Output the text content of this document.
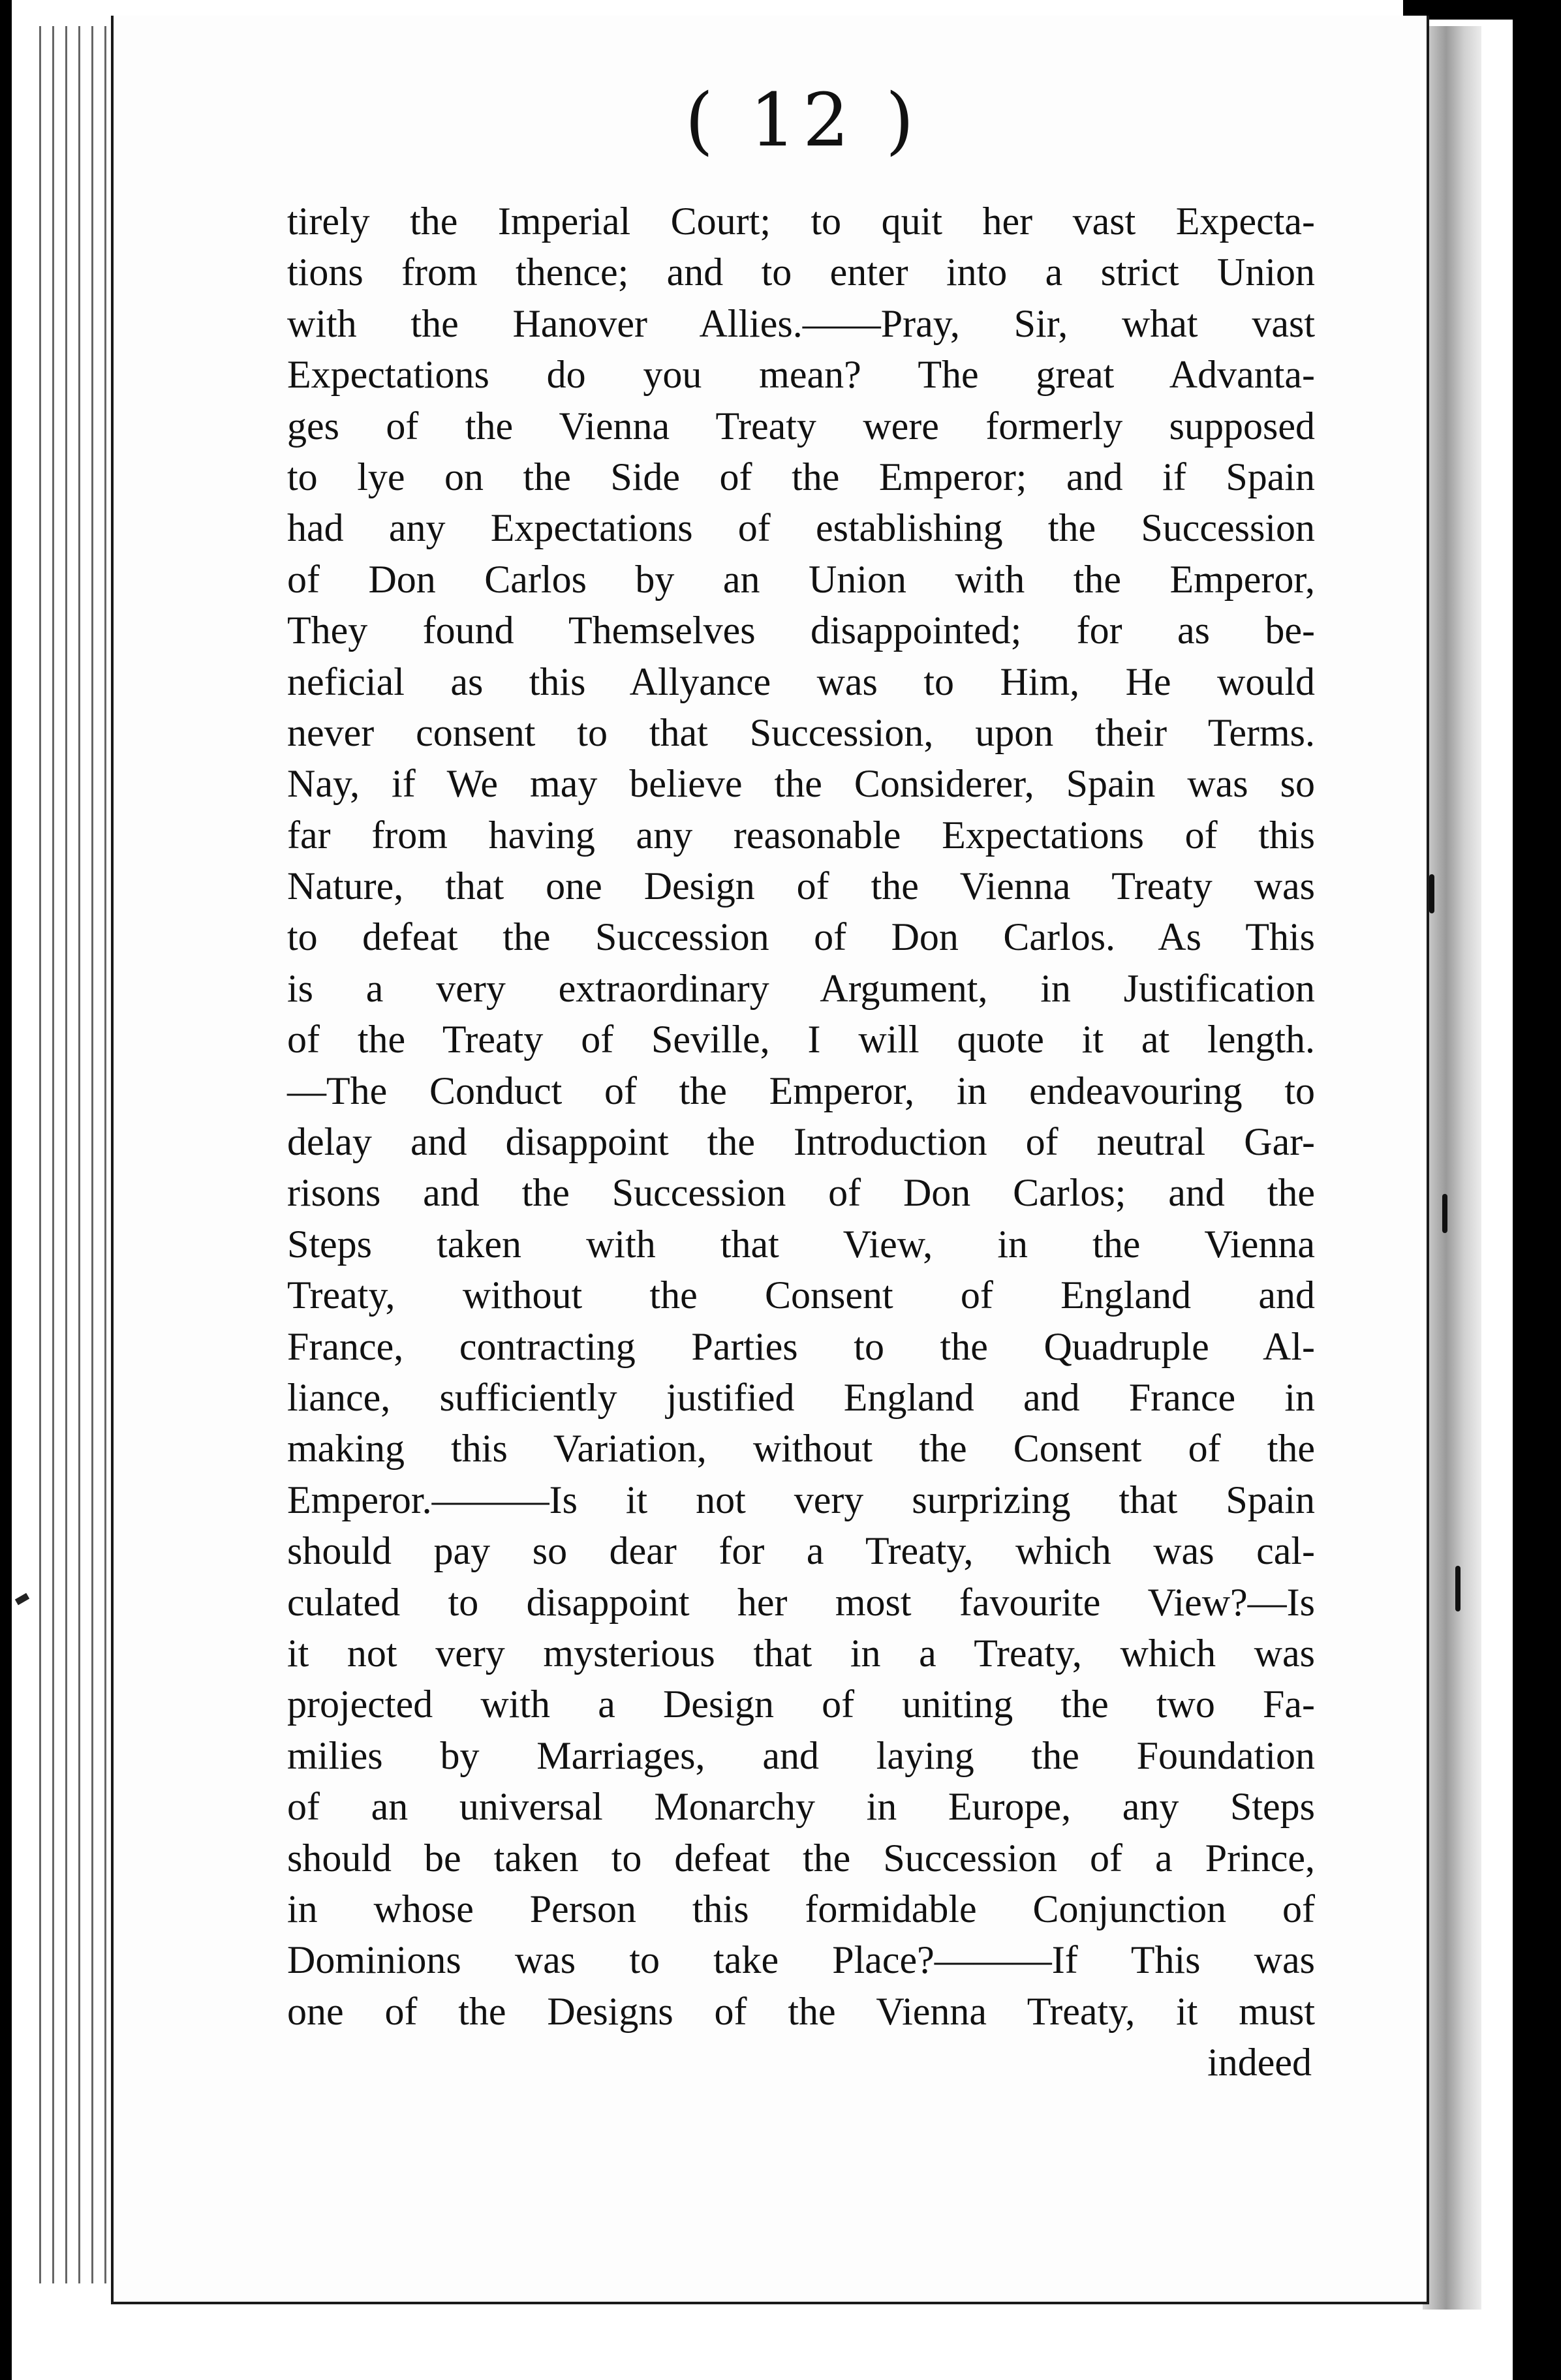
( 12 )
tirely the Imperial Court; to quit her vast Expecta-
tions from thence; and to enter into a strict Union
with the Hanover Allies.——Pray, Sir, what vast
Expectations do you mean? The great Advanta-
ges of the Vienna Treaty were formerly supposed
to lye on the Side of the Emperor; and if Spain
had any Expectations of establishing the Succession
of Don Carlos by an Union with the Emperor,
They found Themselves disappointed; for as be-
neficial as this Allyance was to Him, He would
never consent to that Succession, upon their Terms.
Nay, if We may believe the Considerer, Spain was so
far from having any reasonable Expectations of this
Nature, that one Design of the Vienna Treaty was
to defeat the Succession of Don Carlos. As This
is a very extraordinary Argument, in Justification
of the Treaty of Seville, I will quote it at length.
—The Conduct of the Emperor, in endeavouring to
delay and disappoint the Introduction of neutral Gar-
risons and the Succession of Don Carlos; and the
Steps taken with that View, in the Vienna
Treaty, without the Consent of England and
France, contracting Parties to the Quadruple Al-
liance, sufficiently justified England and France in
making this Variation, without the Consent of the
Emperor.———Is it not very surprizing that Spain
should pay so dear for a Treaty, which was cal-
culated to disappoint her most favourite View?—Is
it not very mysterious that in a Treaty, which was
projected with a Design of uniting the two Fa-
milies by Marriages, and laying the Foundation
of an universal Monarchy in Europe, any Steps
should be taken to defeat the Succession of a Prince,
in whose Person this formidable Conjunction of
Dominions was to take Place?———If This was
one of the Designs of the Vienna Treaty, it must
indeed
